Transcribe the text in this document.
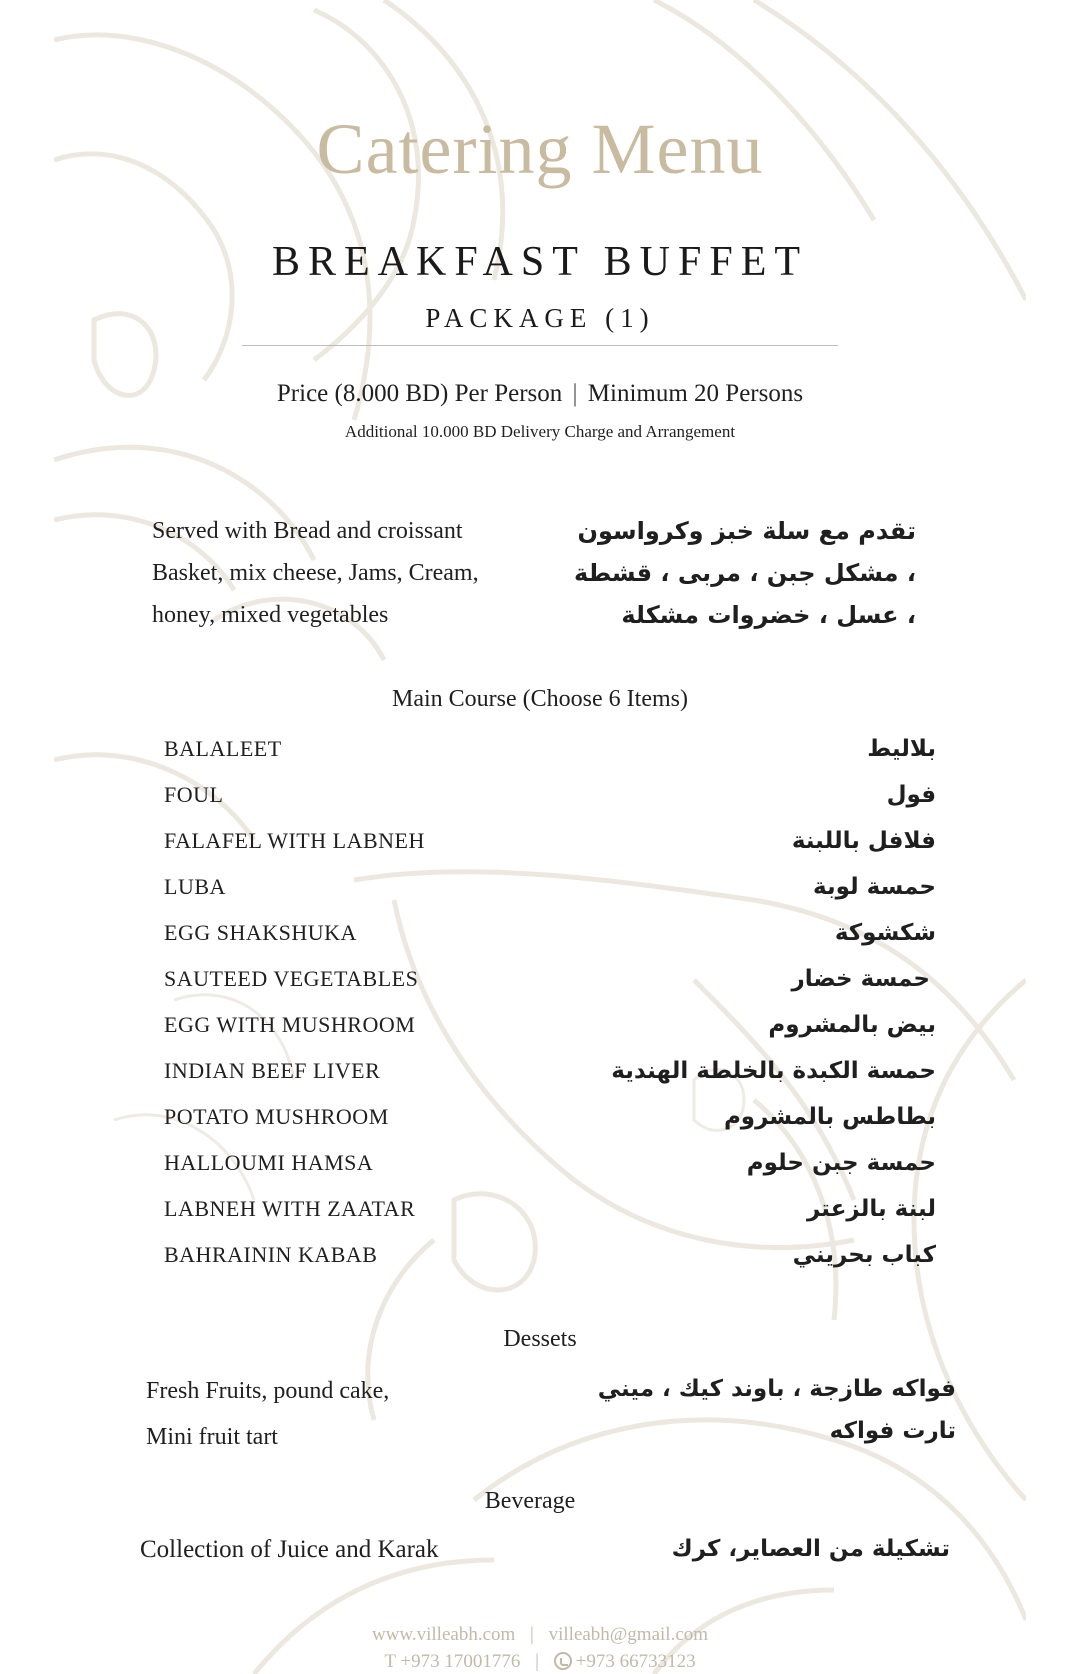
Catering Menu
BREAKFAST BUFFET
PACKAGE (1)
Price (8.000 BD) Per Person | Minimum 20 Persons
Additional 10.000 BD Delivery Charge and Arrangement
Served with Bread and croissant
Basket, mix cheese, Jams, Cream,
honey, mixed vegetables
تقدم مع سلة خبز وكرواسون
، مشكل جبن ، مربى ، قشطة
، عسل ، خضروات مشكلة
Main Course (Choose 6 Items)
BALALEET	بلاليط
FOUL	فول
FALAFEL WITH LABNEH	فلافل باللبنة
LUBA	حمسة لوبة
EGG SHAKSHUKA	شكشوكة
SAUTEED VEGETABLES	حمسة خضار
EGG WITH MUSHROOM	بيض بالمشروم
INDIAN BEEF LIVER	حمسة الكبدة بالخلطة الهندية
POTATO MUSHROOM	بطاطس بالمشروم
HALLOUMI HAMSA	حمسة جبن حلوم
LABNEH WITH ZAATAR	لبنة بالزعتر
BAHRAININ KABAB	كباب بحريني
Dessets
Fresh Fruits, pound cake,
Mini fruit tart
فواكه طازجة ، باوند كيك ، ميني
تارت فواكه
Beverage
Collection of Juice and Karak	تشكيلة من العصاير، كرك
www.villeabh.com | villeabh@gmail.com
T +973 17001776 | +973 66733123
